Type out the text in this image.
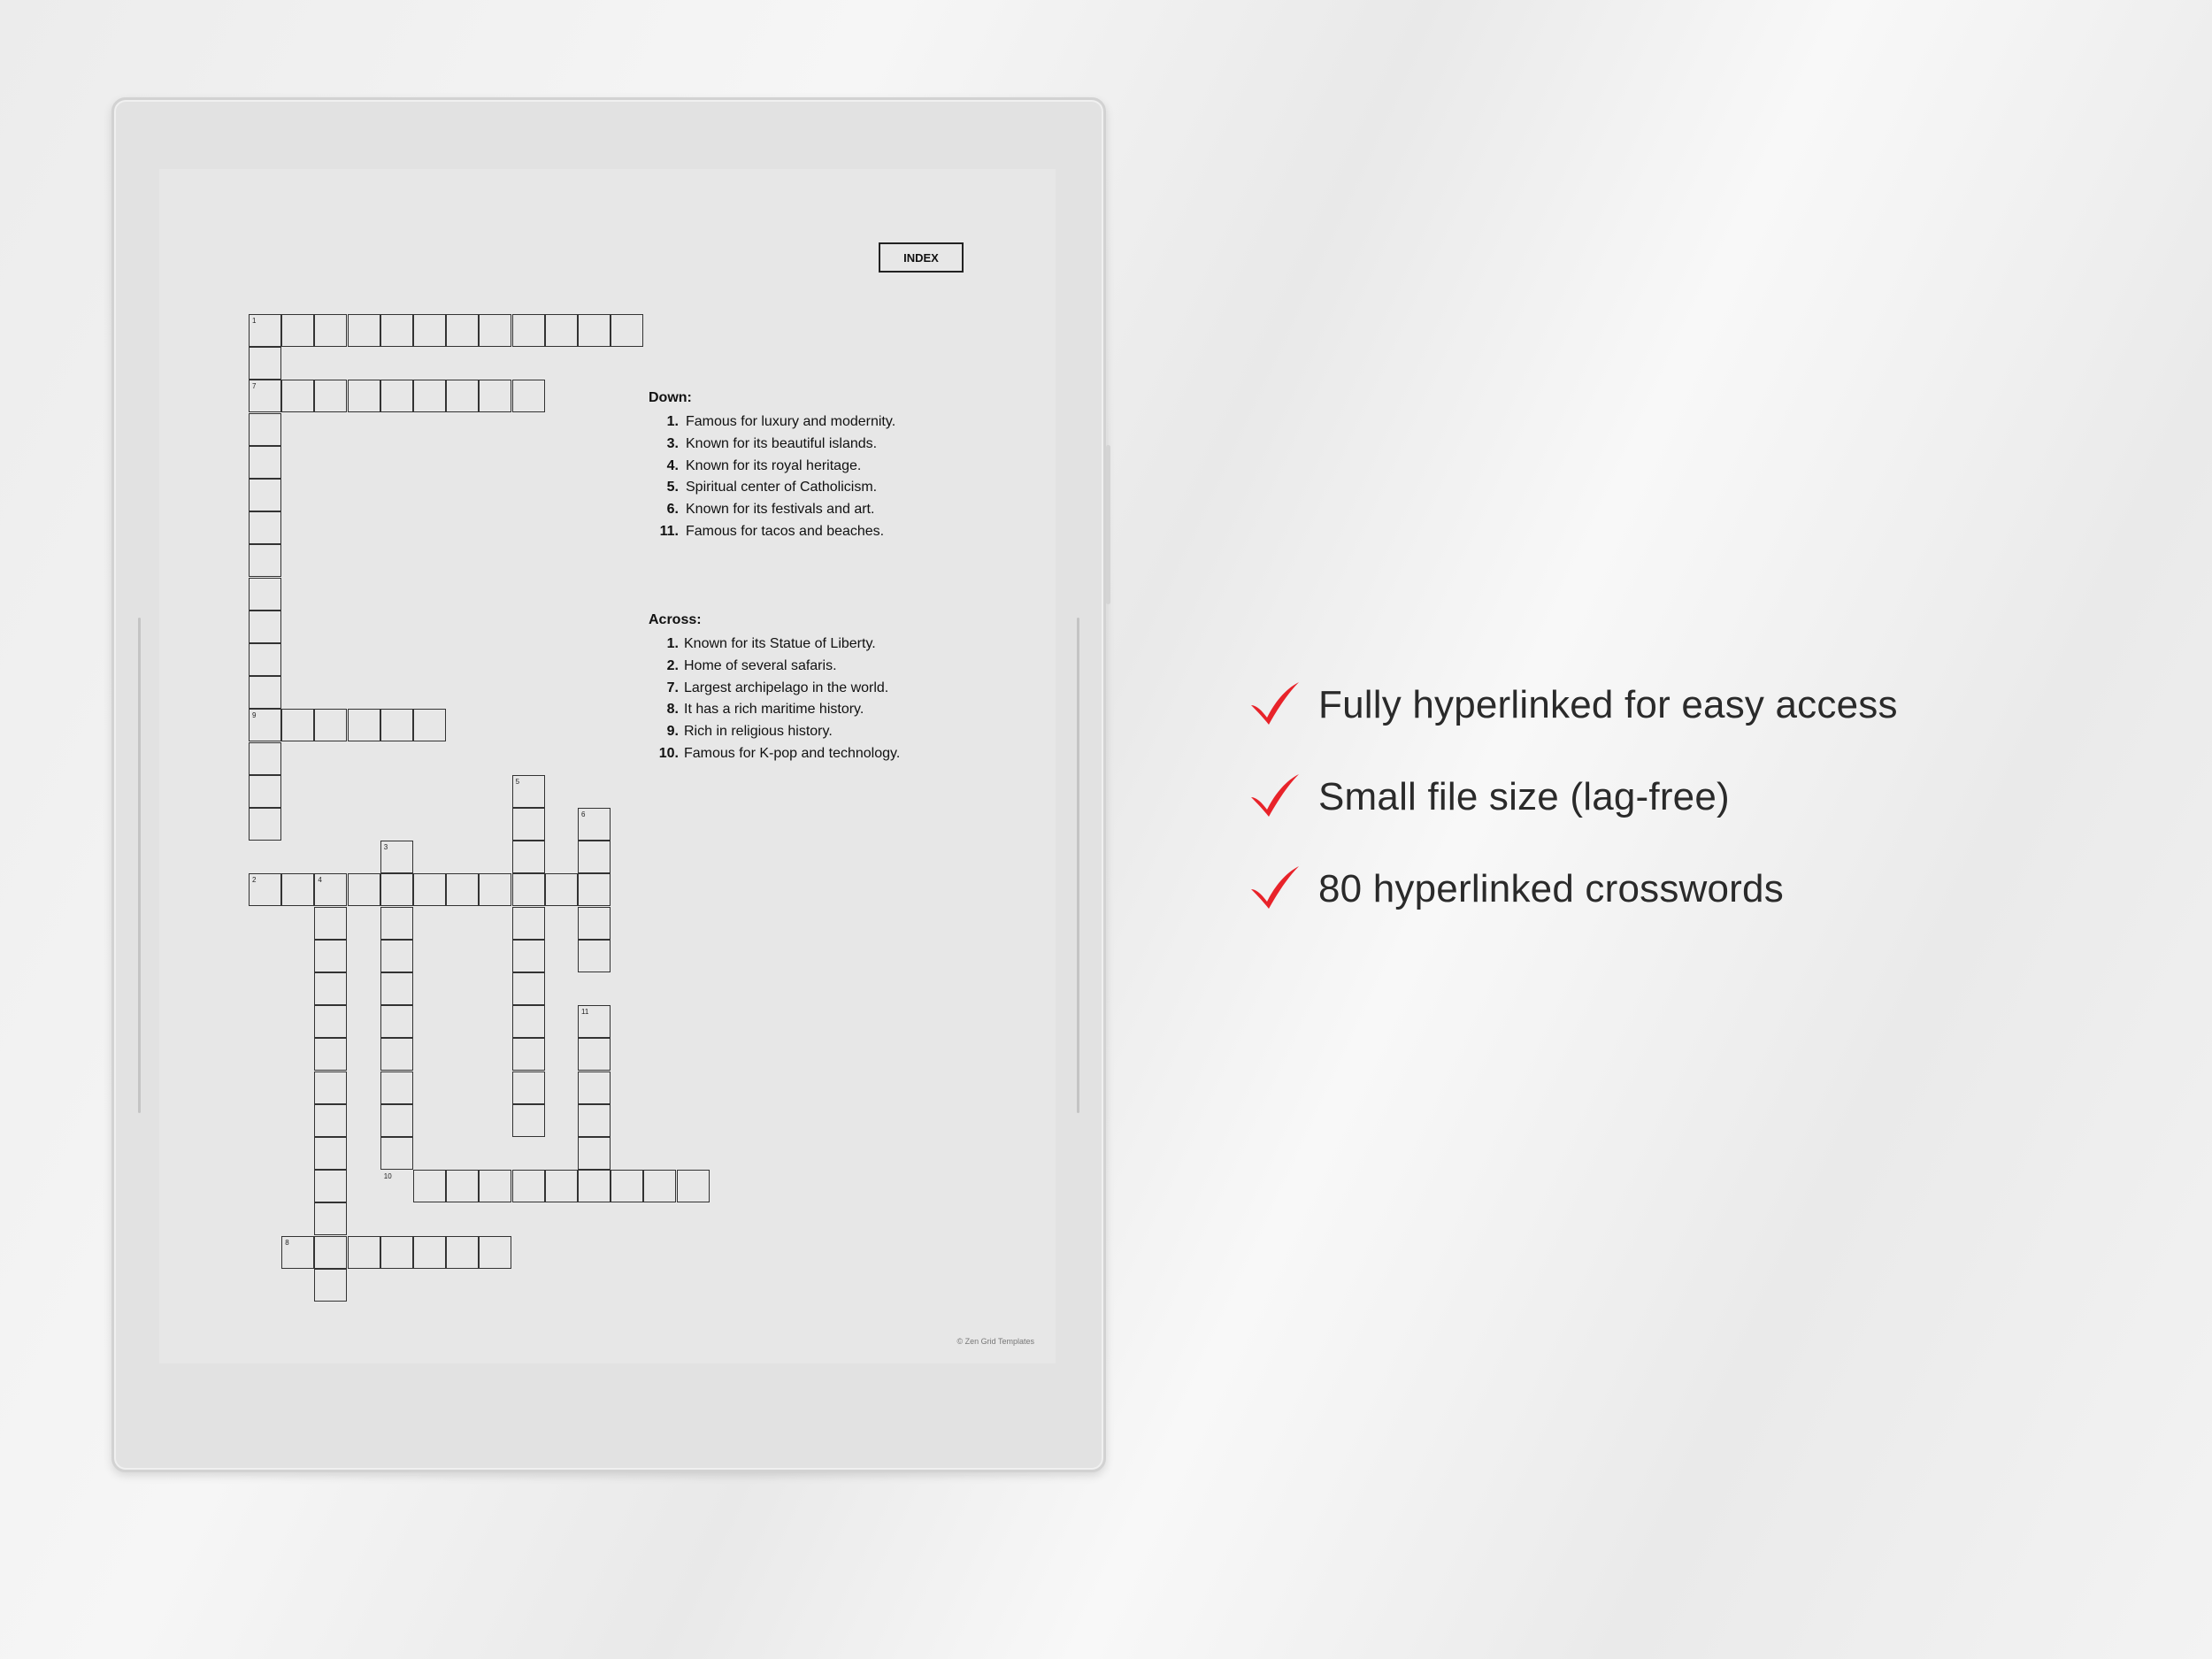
INDEX
1
7
9
5
6
3
2	4
11
10
8
Down:
1. Famous for luxury and modernity.
3. Known for its beautiful islands.
4. Known for its royal heritage.
5. Spiritual center of Catholicism.
6. Known for its festivals and art.
11. Famous for tacos and beaches.
Across:
1. Known for its Statue of Liberty.
2. Home of several safaris.
7. Largest archipelago in the world.
8. It has a rich maritime history.
9. Rich in religious history.
10. Famous for K-pop and technology.
© Zen Grid Templates
Fully hyperlinked for easy access
Small file size (lag-free)
80 hyperlinked crosswords
